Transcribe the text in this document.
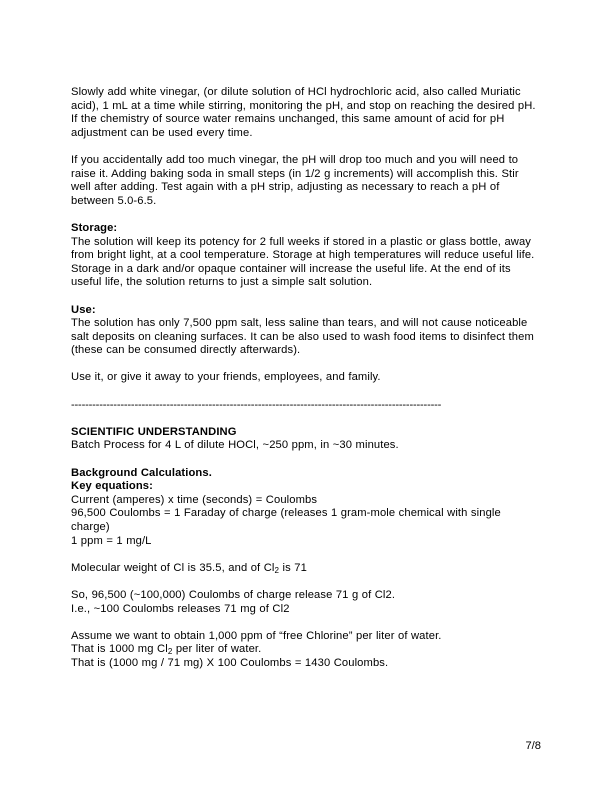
Slowly add white vinegar, (or dilute solution of HCl hydrochloric acid, also called Muriatic acid), 1 mL at a time while stirring, monitoring the pH, and stop on reaching the desired pH. If the chemistry of source water remains unchanged, this same amount of acid for pH adjustment can be used every time.

If you accidentally add too much vinegar, the pH will drop too much and you will need to raise it. Adding baking soda in small steps (in 1/2 g increments) will accomplish this. Stir well after adding. Test again with a pH strip, adjusting as necessary to reach a pH of between 5.0-6.5.

Storage:
The solution will keep its potency for 2 full weeks if stored in a plastic or glass bottle, away from bright light, at a cool temperature. Storage at high temperatures will reduce useful life. Storage in a dark and/or opaque container will increase the useful life. At the end of its useful life, the solution returns to just a simple salt solution.
Use:
The solution has only 7,500 ppm salt, less saline than tears, and will not cause noticeable salt deposits on cleaning surfaces. It can be also used to wash food items to disinfect them (these can be consumed directly afterwards).

Use it, or give it away to your friends, employees, and family.

---------------------------------------------------------------------------------------------------------
SCIENTIFIC UNDERSTANDING
Batch Process for 4 L of dilute HOCl, ~250 ppm, in ~30 minutes.
Background Calculations.
Key equations:
Current (amperes) x time (seconds) = Coulombs
96,500 Coulombs = 1 Faraday of charge (releases 1 gram-mole chemical with single charge)
1 ppm = 1 mg/L
Molecular weight of Cl is 35.5, and of $Cl_2$ is 71
So, 96,500 (~100,000) Coulombs of charge release 71 g of Cl2.
I.e., ~100 Coulombs releases 71 mg of Cl2
Assume we want to obtain 1,000 ppm of “free Chlorine” per liter of water.
That is 1000 mg $Cl_2$ per liter of water.
That is (1000 mg / 71 mg) X 100 Coulombs = 1430 Coulombs.
7/8
